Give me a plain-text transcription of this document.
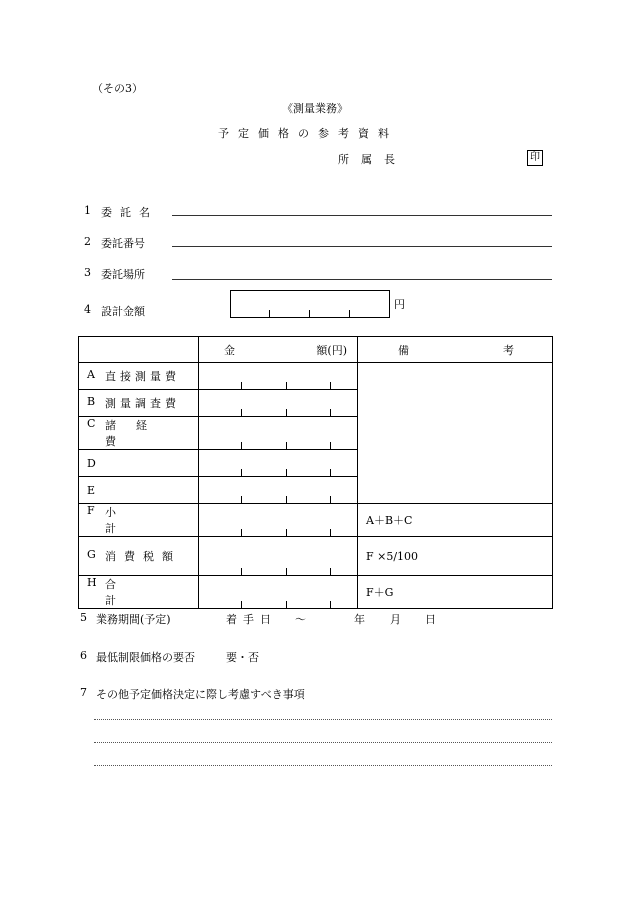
（その3）
《測量業務》
予定価格の参考資料
所属長	印
1 委託名
2 委託番号
3 委託場所
4 設計金額
円

	金 額(円)	備 考

A 直接測量費		

B 測量調査費		

C 諸経費		

D		

E		

F 小計		A＋B＋C

G 消費税額		F ×5/100

H 合計		F＋G
5 業務期間(予定)	着手日 ～	年 月 日
6 最低制限価格の要否	要・否
7 その他予定価格決定に際し考慮すべき事項
